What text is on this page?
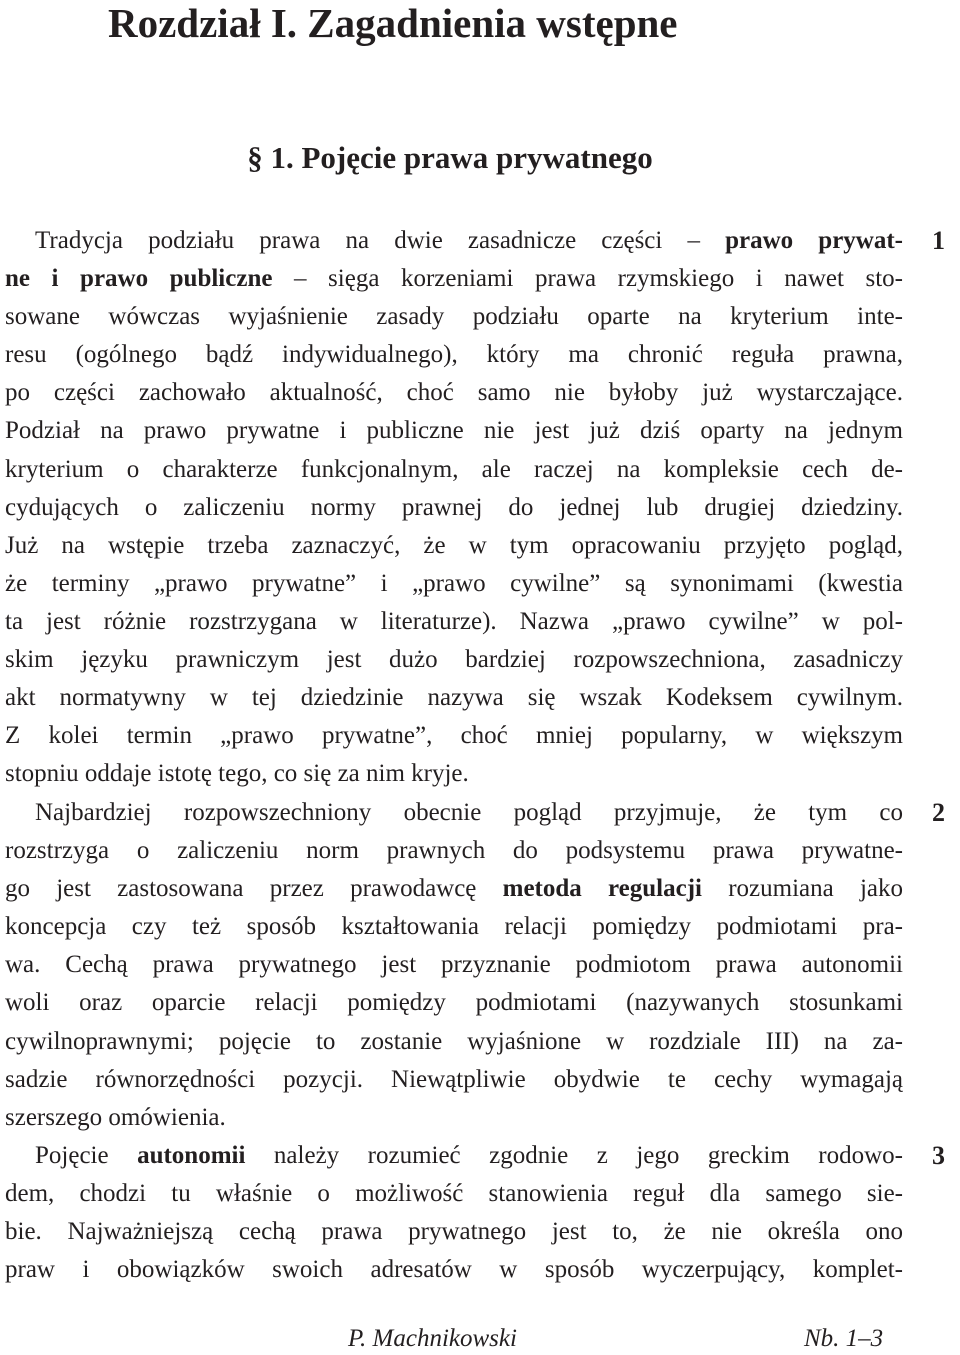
Rozdział I. Zagadnienia wstępne
§ 1. Pojęcie prawa prywatnego
1
2
3
Tradycja podziału prawa na dwie zasadnicze części – prawo prywat-
ne i prawo publiczne – sięga korzeniami prawa rzymskiego i nawet sto-
sowane wówczas wyjaśnienie zasady podziału oparte na kryterium inte-
resu (ogólnego bądź indywidualnego), który ma chronić reguła prawna,
po części zachowało aktualność, choć samo nie byłoby już wystarczające.
Podział na prawo prywatne i publiczne nie jest już dziś oparty na jednym
kryterium o charakterze funkcjonalnym, ale raczej na kompleksie cech de-
cydujących o zaliczeniu normy prawnej do jednej lub drugiej dziedziny.
Już na wstępie trzeba zaznaczyć, że w tym opracowaniu przyjęto pogląd,
że terminy „prawo prywatne” i „prawo cywilne” są synonimami (kwestia
ta jest różnie rozstrzygana w literaturze). Nazwa „prawo cywilne” w pol-
skim języku prawniczym jest dużo bardziej rozpowszechniona, zasadniczy
akt normatywny w tej dziedzinie nazywa się wszak Kodeksem cywilnym.
Z kolei termin „prawo prywatne”, choć mniej popularny, w większym
stopniu oddaje istotę tego, co się za nim kryje.
Najbardziej rozpowszechniony obecnie pogląd przyjmuje, że tym co
rozstrzyga o zaliczeniu norm prawnych do podsystemu prawa prywatne-
go jest zastosowana przez prawodawcę metoda regulacji rozumiana jako
koncepcja czy też sposób kształtowania relacji pomiędzy podmiotami pra-
wa. Cechą prawa prywatnego jest przyznanie podmiotom prawa autonomii
woli oraz oparcie relacji pomiędzy podmiotami (nazywanych stosunkami
cywilnoprawnymi; pojęcie to zostanie wyjaśnione w rozdziale III) na za-
sadzie równorzędności pozycji. Niewątpliwie obydwie te cechy wymagają
szerszego omówienia.
Pojęcie autonomii należy rozumieć zgodnie z jego greckim rodowo-
dem, chodzi tu właśnie o możliwość stanowienia reguł dla samego sie-
bie. Najważniejszą cechą prawa prywatnego jest to, że nie określa ono
praw i obowiązków swoich adresatów w sposób wyczerpujący, komplet-
P. Machnikowski	Nb. 1–3
